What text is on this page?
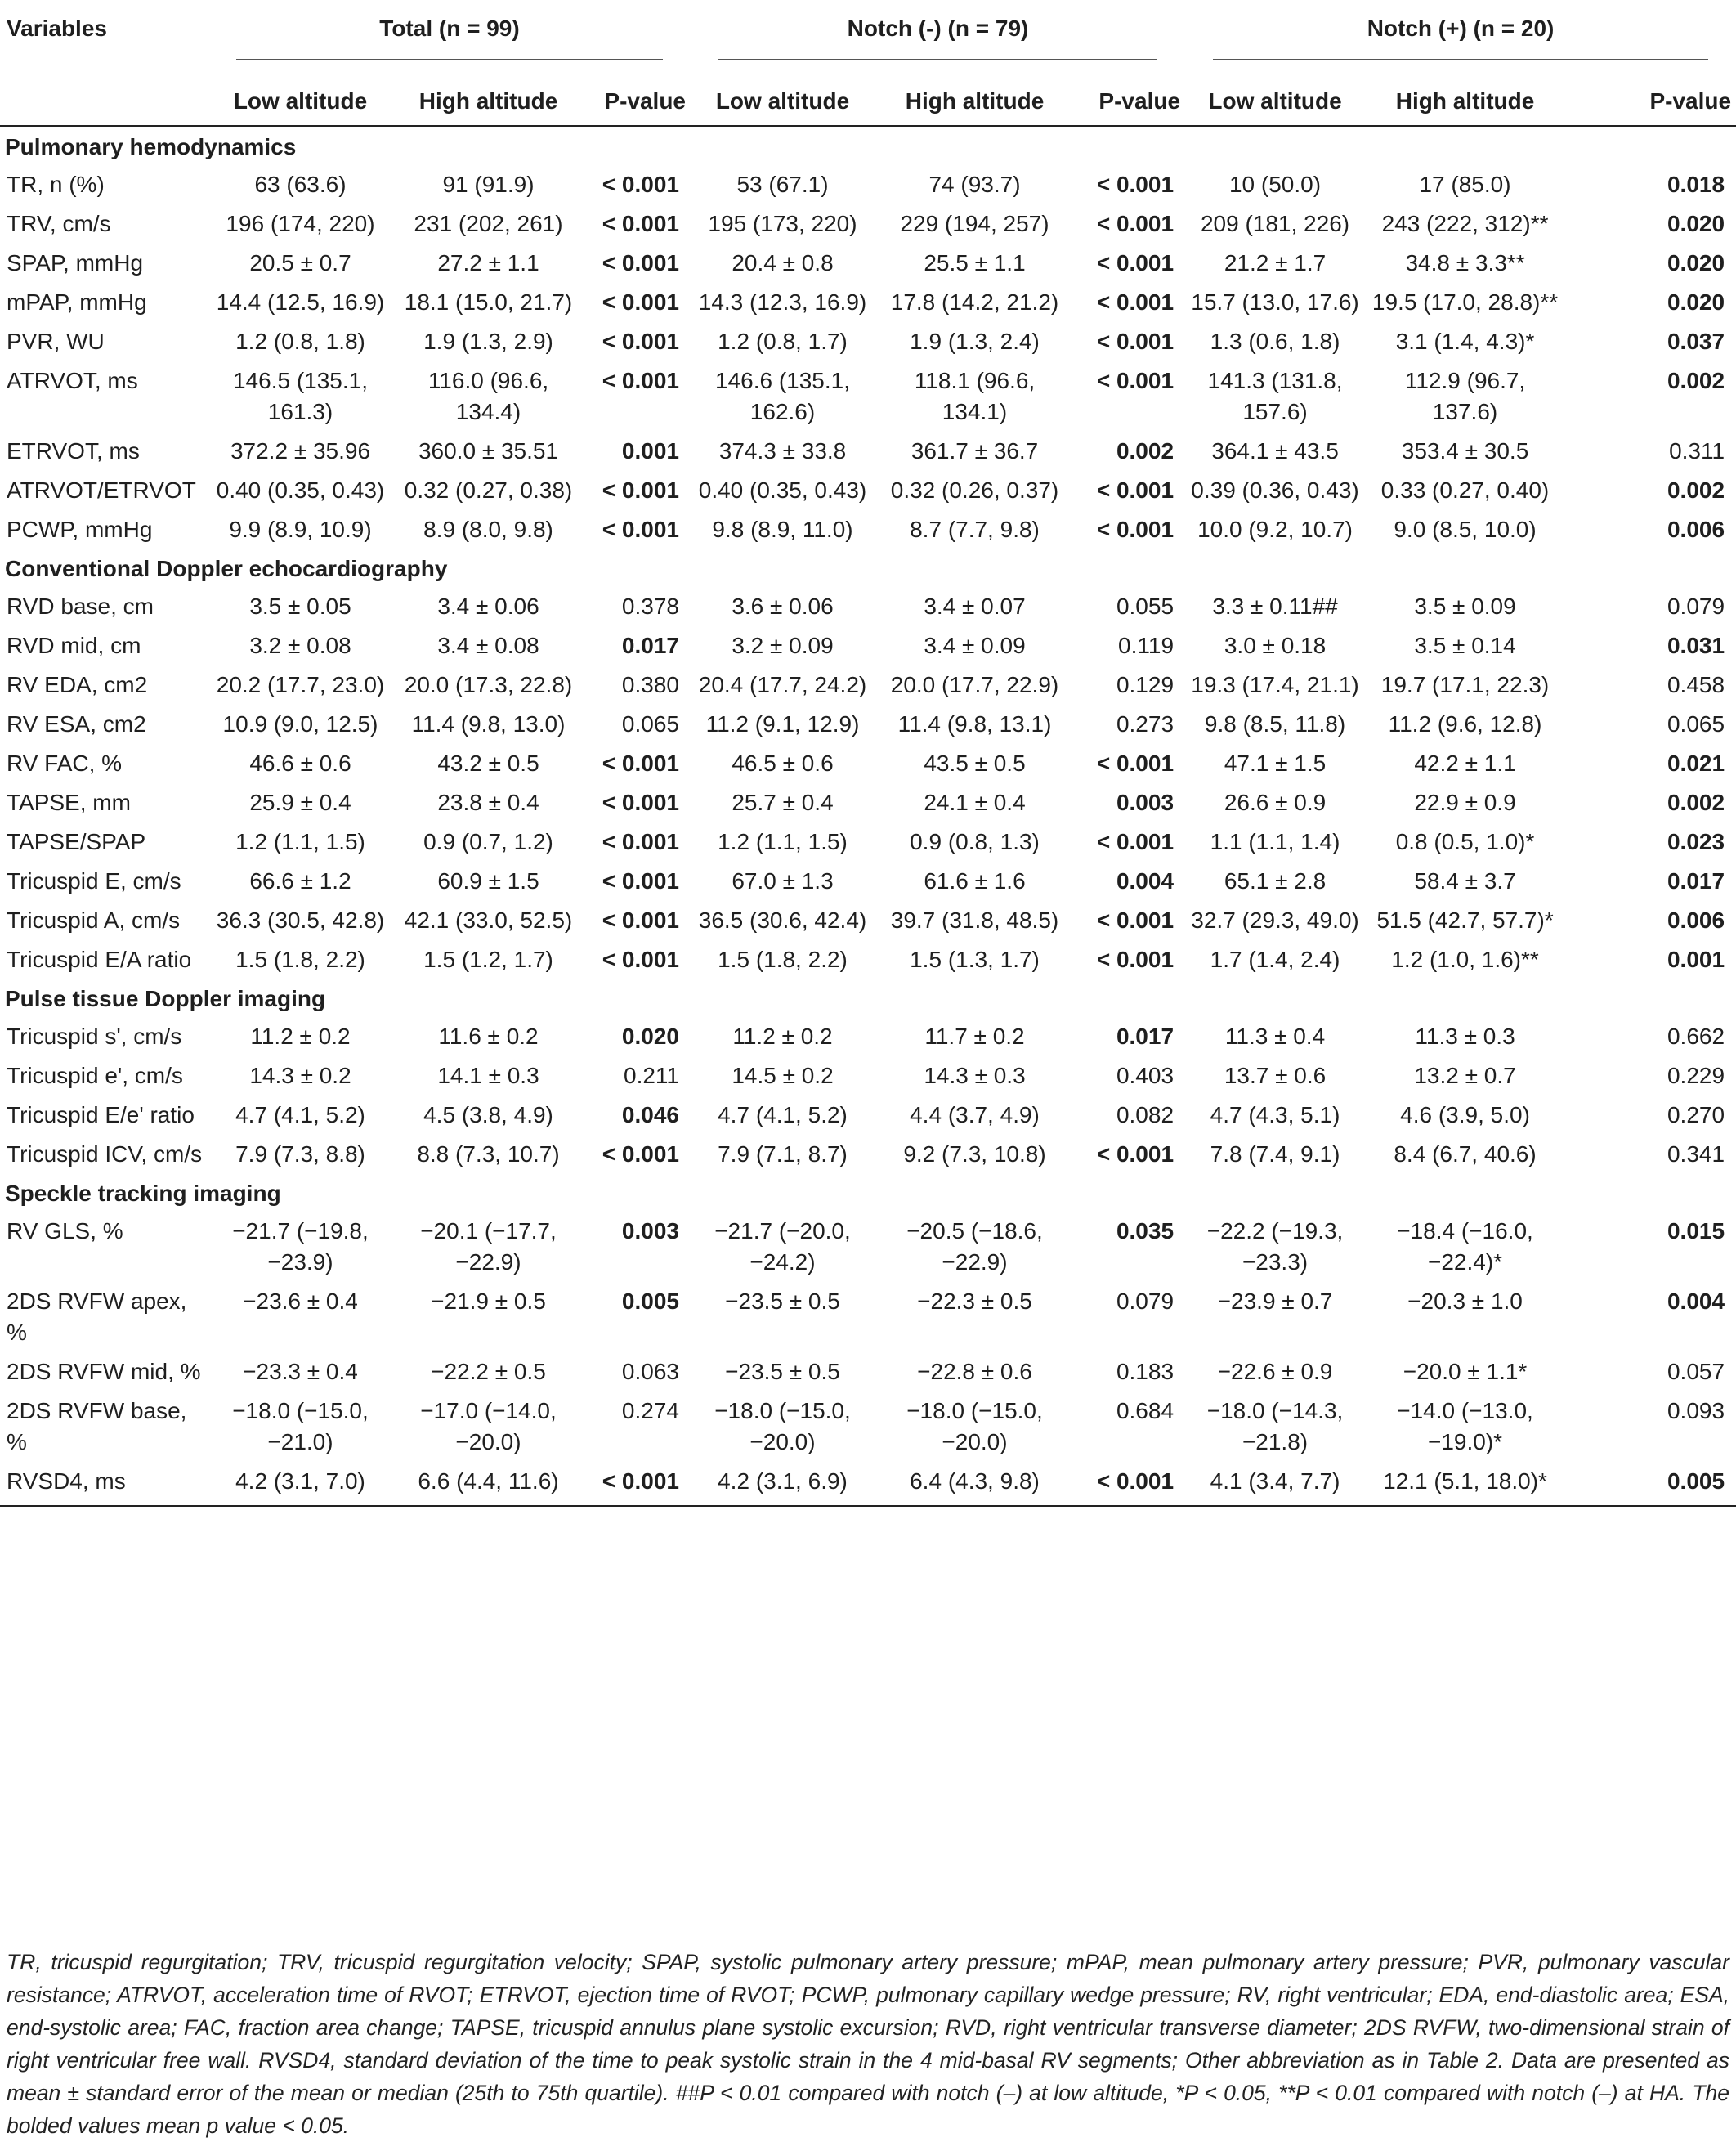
Variables	Total (n = 99)			Notch (-) (n = 79)			Notch (+) (n = 20)		

	Low altitude	High altitude	P-value	Low altitude	High altitude	P-value	Low altitude	High altitude	P-value
Pulmonary hemodynamics									
TR, n (%)	63 (63.6)	91 (91.9)	< 0.001	53 (67.1)	74 (93.7)	< 0.001	10 (50.0)	17 (85.0)	0.018
TRV, cm/s	196 (174, 220)	231 (202, 261)	< 0.001	195 (173, 220)	229 (194, 257)	< 0.001	209 (181, 226)	243 (222, 312)**	0.020
SPAP, mmHg	20.5 ± 0.7	27.2 ± 1.1	< 0.001	20.4 ± 0.8	25.5 ± 1.1	< 0.001	21.2 ± 1.7	34.8 ± 3.3**	0.020
mPAP, mmHg	14.4 (12.5, 16.9)	18.1 (15.0, 21.7)	< 0.001	14.3 (12.3, 16.9)	17.8 (14.2, 21.2)	< 0.001	15.7 (13.0, 17.6)	19.5 (17.0, 28.8)**	0.020
PVR, WU	1.2 (0.8, 1.8)	1.9 (1.3, 2.9)	< 0.001	1.2 (0.8, 1.7)	1.9 (1.3, 2.4)	< 0.001	1.3 (0.6, 1.8)	3.1 (1.4, 4.3)*	0.037
ATRVOT, ms	146.5 (135.1, 161.3)	116.0 (96.6, 134.4)	< 0.001	146.6 (135.1, 162.6)	118.1 (96.6, 134.1)	< 0.001	141.3 (131.8, 157.6)	112.9 (96.7, 137.6)	0.002
ETRVOT, ms	372.2 ± 35.96	360.0 ± 35.51	0.001	374.3 ± 33.8	361.7 ± 36.7	0.002	364.1 ± 43.5	353.4 ± 30.5	0.311
ATRVOT/ETRVOT	0.40 (0.35, 0.43)	0.32 (0.27, 0.38)	< 0.001	0.40 (0.35, 0.43)	0.32 (0.26, 0.37)	< 0.001	0.39 (0.36, 0.43)	0.33 (0.27, 0.40)	0.002
PCWP, mmHg	9.9 (8.9, 10.9)	8.9 (8.0, 9.8)	< 0.001	9.8 (8.9, 11.0)	8.7 (7.7, 9.8)	< 0.001	10.0 (9.2, 10.7)	9.0 (8.5, 10.0)	0.006
Conventional Doppler echocardiography									
RVD base, cm	3.5 ± 0.05	3.4 ± 0.06	0.378	3.6 ± 0.06	3.4 ± 0.07	0.055	3.3 ± 0.11##	3.5 ± 0.09	0.079
RVD mid, cm	3.2 ± 0.08	3.4 ± 0.08	0.017	3.2 ± 0.09	3.4 ± 0.09	0.119	3.0 ± 0.18	3.5 ± 0.14	0.031
RV EDA, cm2	20.2 (17.7, 23.0)	20.0 (17.3, 22.8)	0.380	20.4 (17.7, 24.2)	20.0 (17.7, 22.9)	0.129	19.3 (17.4, 21.1)	19.7 (17.1, 22.3)	0.458
RV ESA, cm2	10.9 (9.0, 12.5)	11.4 (9.8, 13.0)	0.065	11.2 (9.1, 12.9)	11.4 (9.8, 13.1)	0.273	9.8 (8.5, 11.8)	11.2 (9.6, 12.8)	0.065
RV FAC, %	46.6 ± 0.6	43.2 ± 0.5	< 0.001	46.5 ± 0.6	43.5 ± 0.5	< 0.001	47.1 ± 1.5	42.2 ± 1.1	0.021
TAPSE, mm	25.9 ± 0.4	23.8 ± 0.4	< 0.001	25.7 ± 0.4	24.1 ± 0.4	0.003	26.6 ± 0.9	22.9 ± 0.9	0.002
TAPSE/SPAP	1.2 (1.1, 1.5)	0.9 (0.7, 1.2)	< 0.001	1.2 (1.1, 1.5)	0.9 (0.8, 1.3)	< 0.001	1.1 (1.1, 1.4)	0.8 (0.5, 1.0)*	0.023
Tricuspid E, cm/s	66.6 ± 1.2	60.9 ± 1.5	< 0.001	67.0 ± 1.3	61.6 ± 1.6	0.004	65.1 ± 2.8	58.4 ± 3.7	0.017
Tricuspid A, cm/s	36.3 (30.5, 42.8)	42.1 (33.0, 52.5)	< 0.001	36.5 (30.6, 42.4)	39.7 (31.8, 48.5)	< 0.001	32.7 (29.3, 49.0)	51.5 (42.7, 57.7)*	0.006
Tricuspid E/A ratio	1.5 (1.8, 2.2)	1.5 (1.2, 1.7)	< 0.001	1.5 (1.8, 2.2)	1.5 (1.3, 1.7)	< 0.001	1.7 (1.4, 2.4)	1.2 (1.0, 1.6)**	0.001
Pulse tissue Doppler imaging									
Tricuspid s', cm/s	11.2 ± 0.2	11.6 ± 0.2	0.020	11.2 ± 0.2	11.7 ± 0.2	0.017	11.3 ± 0.4	11.3 ± 0.3	0.662
Tricuspid e', cm/s	14.3 ± 0.2	14.1 ± 0.3	0.211	14.5 ± 0.2	14.3 ± 0.3	0.403	13.7 ± 0.6	13.2 ± 0.7	0.229
Tricuspid E/e' ratio	4.7 (4.1, 5.2)	4.5 (3.8, 4.9)	0.046	4.7 (4.1, 5.2)	4.4 (3.7, 4.9)	0.082	4.7 (4.3, 5.1)	4.6 (3.9, 5.0)	0.270
Tricuspid ICV, cm/s	7.9 (7.3, 8.8)	8.8 (7.3, 10.7)	< 0.001	7.9 (7.1, 8.7)	9.2 (7.3, 10.8)	< 0.001	7.8 (7.4, 9.1)	8.4 (6.7, 40.6)	0.341
Speckle tracking imaging									
RV GLS, %	−21.7 (−19.8, −23.9)	−20.1 (−17.7, −22.9)	0.003	−21.7 (−20.0, −24.2)	−20.5 (−18.6, −22.9)	0.035	−22.2 (−19.3, −23.3)	−18.4 (−16.0, −22.4)*	0.015
2DS RVFW apex, %	−23.6 ± 0.4	−21.9 ± 0.5	0.005	−23.5 ± 0.5	−22.3 ± 0.5	0.079	−23.9 ± 0.7	−20.3 ± 1.0	0.004
2DS RVFW mid, %	−23.3 ± 0.4	−22.2 ± 0.5	0.063	−23.5 ± 0.5	−22.8 ± 0.6	0.183	−22.6 ± 0.9	−20.0 ± 1.1*	0.057
2DS RVFW base, %	−18.0 (−15.0, −21.0)	−17.0 (−14.0, −20.0)	0.274	−18.0 (−15.0, −20.0)	−18.0 (−15.0, −20.0)	0.684	−18.0 (−14.3, −21.8)	−14.0 (−13.0, −19.0)*	0.093
RVSD4, ms	4.2 (3.1, 7.0)	6.6 (4.4, 11.6)	< 0.001	4.2 (3.1, 6.9)	6.4 (4.3, 9.8)	< 0.001	4.1 (3.4, 7.7)	12.1 (5.1, 18.0)*	0.005
TR, tricuspid regurgitation; TRV, tricuspid regurgitation velocity; SPAP, systolic pulmonary artery pressure; mPAP, mean pulmonary artery pressure; PVR, pulmonary vascular resistance; ATRVOT, acceleration time of RVOT; ETRVOT, ejection time of RVOT; PCWP, pulmonary capillary wedge pressure; RV, right ventricular; EDA, end-diastolic area; ESA, end-systolic area; FAC, fraction area change; TAPSE, tricuspid annulus plane systolic excursion; RVD, right ventricular transverse diameter; 2DS RVFW, two-dimensional strain of right ventricular free wall. RVSD4, standard deviation of the time to peak systolic strain in the 4 mid-basal RV segments; Other abbreviation as in Table 2. Data are presented as mean ± standard error of the mean or median (25th to 75th quartile). ##P < 0.01 compared with notch (–) at low altitude, *P < 0.05, **P < 0.01 compared with notch (–) at HA. The bolded values mean p value < 0.05.
